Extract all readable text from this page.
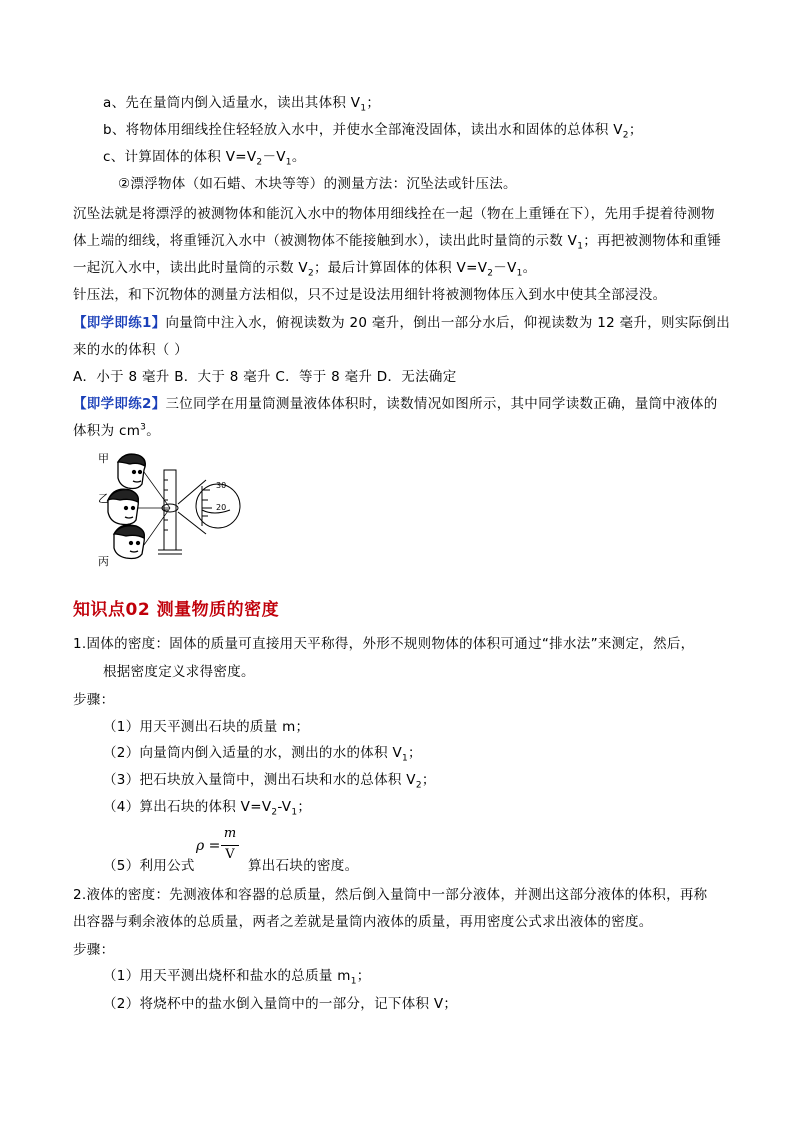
a、先在量筒内倒入适量水，读出其体积 $V_1$；
b、将物体用细线拴住轻轻放入水中，并使水全部淹没固体，读出水和固体的总体积 $V_2$；
c、计算固体的体积 $V=V_2-V_1$。
②漂浮物体（如石蜡、木块等等）的测量方法：沉坠法或针压法。
沉坠法就是将漂浮的被测物体和能沉入水中的物体用细线拴在一起（物在上重锤在下），先用手提着待测物
体上端的细线，将重锤沉入水中（被测物体不能接触到水），读出此时量筒的示数 $V_1$；再把被测物体和重锤
一起沉入水中，读出此时量筒的示数 $V_2$；最后计算固体的体积 $V=V_2-V_1$。
针压法，和下沉物体的测量方法相似，只不过是设法用细针将被测物体压入到水中使其全部浸没。
【即学即练1】向量筒中注入水，俯视读数为 20 毫升，倒出一部分水后，仰视读数为 12 毫升，则实际倒出
来的水的体积（ ）
A．小于 8 毫升 B．大于 8 毫升 C．等于 8 毫升 D．无法确定
【即学即练2】三位同学在用量筒测量液体体积时，读数情况如图所示，其中同学读数正确，量筒中液体的
体积为 $cm^3$。
30
20
甲
乙
丙
知识点02 测量物质的密度
1.固体的密度：固体的质量可直接用天平称得，外形不规则物体的体积可通过“排水法”来测定，然后，
根据密度定义求得密度。
步骤：
（1）用天平测出石块的质量 m；
（2）向量筒内倒入适量的水，测出的水的体积 $V_1$；
（3）把石块放入量筒中，测出石块和水的总体积 $V_2$；
（4）算出石块的体积 $V=V_2-V_1$；
（5）利用公式
ρ =
m
V
算出石块的密度。
2.液体的密度：先测液体和容器的总质量，然后倒入量筒中一部分液体，并测出这部分液体的体积，再称
出容器与剩余液体的总质量，两者之差就是量筒内液体的质量，再用密度公式求出液体的密度。
步骤：
（1）用天平测出烧杯和盐水的总质量 $m_1$；
（2）将烧杯中的盐水倒入量筒中的一部分，记下体积 V；
